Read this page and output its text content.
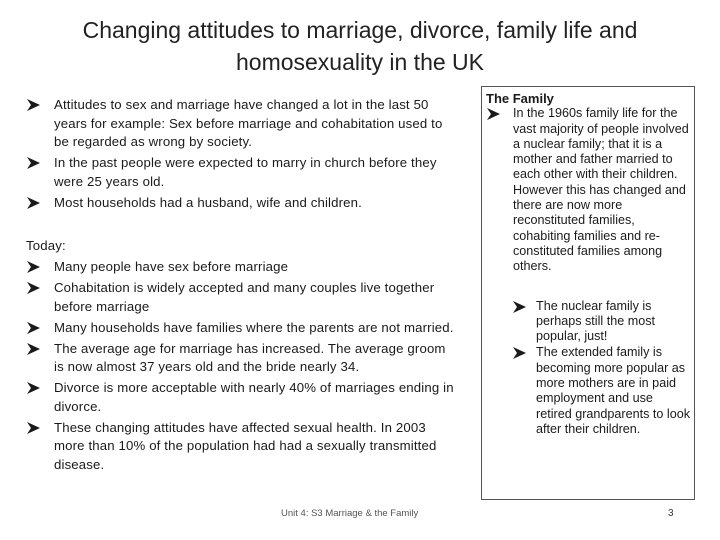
Changing attitudes to marriage, divorce, family life and homosexuality in the UK
Attitudes to sex and marriage have changed a lot in the last 50 years for example: Sex before marriage and cohabitation used to be regarded as wrong by society.
In the past people were expected to marry in church before they were 25 years old.
Most households had a husband, wife and children.
Today:
Many people have sex before marriage
Cohabitation is widely accepted and many couples live together before marriage
Many households have families where the parents are not married.
The average age for marriage has increased. The average groom is now almost 37 years old and the bride nearly 34.
Divorce is more acceptable with nearly 40% of marriages ending in divorce.
These changing attitudes have affected sexual health. In 2003 more than 10% of the population had had a sexually transmitted disease.
The Family
In the 1960s family life for the vast majority of people involved a nuclear family; that it is a mother and father married to each other with their children. However this has changed and there are now more reconstituted families, cohabiting families and re-constituted families among others.
The nuclear family is perhaps still the most popular, just!
The extended family is becoming more popular as more mothers are in paid employment and use retired grandparents to look after their children.
Unit 4: S3 Marriage & the Family	3
